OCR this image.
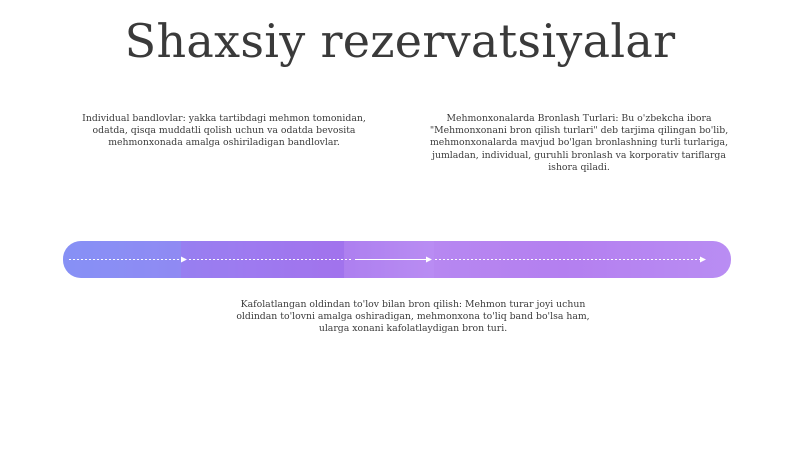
Shaxsiy rezervatsiyalar

Individual bandlovlar: yakka tartibdagi mehmon tomonidan, odatda, qisqa muddatli qolish uchun va odatda bevosita mehmonxonada amalga oshiriladigan bandlovlar.

Mehmonxonalarda Bronlash Turlari: Bu o'zbekcha ibora "Mehmonxonani bron qilish turlari" deb tarjima qilingan bo'lib, mehmonxonalarda mavjud bo'lgan bronlashning turli turlariga, jumladan, individual, guruhli bronlash va korporativ tariflarga ishora qiladi.

Kafolatlangan oldindan to'lov bilan bron qilish: Mehmon turar joyi uchun oldindan to'lovni amalga oshiradigan, mehmonxona to'liq band bo'lsa ham, ularga xonani kafolatlaydigan bron turi.
